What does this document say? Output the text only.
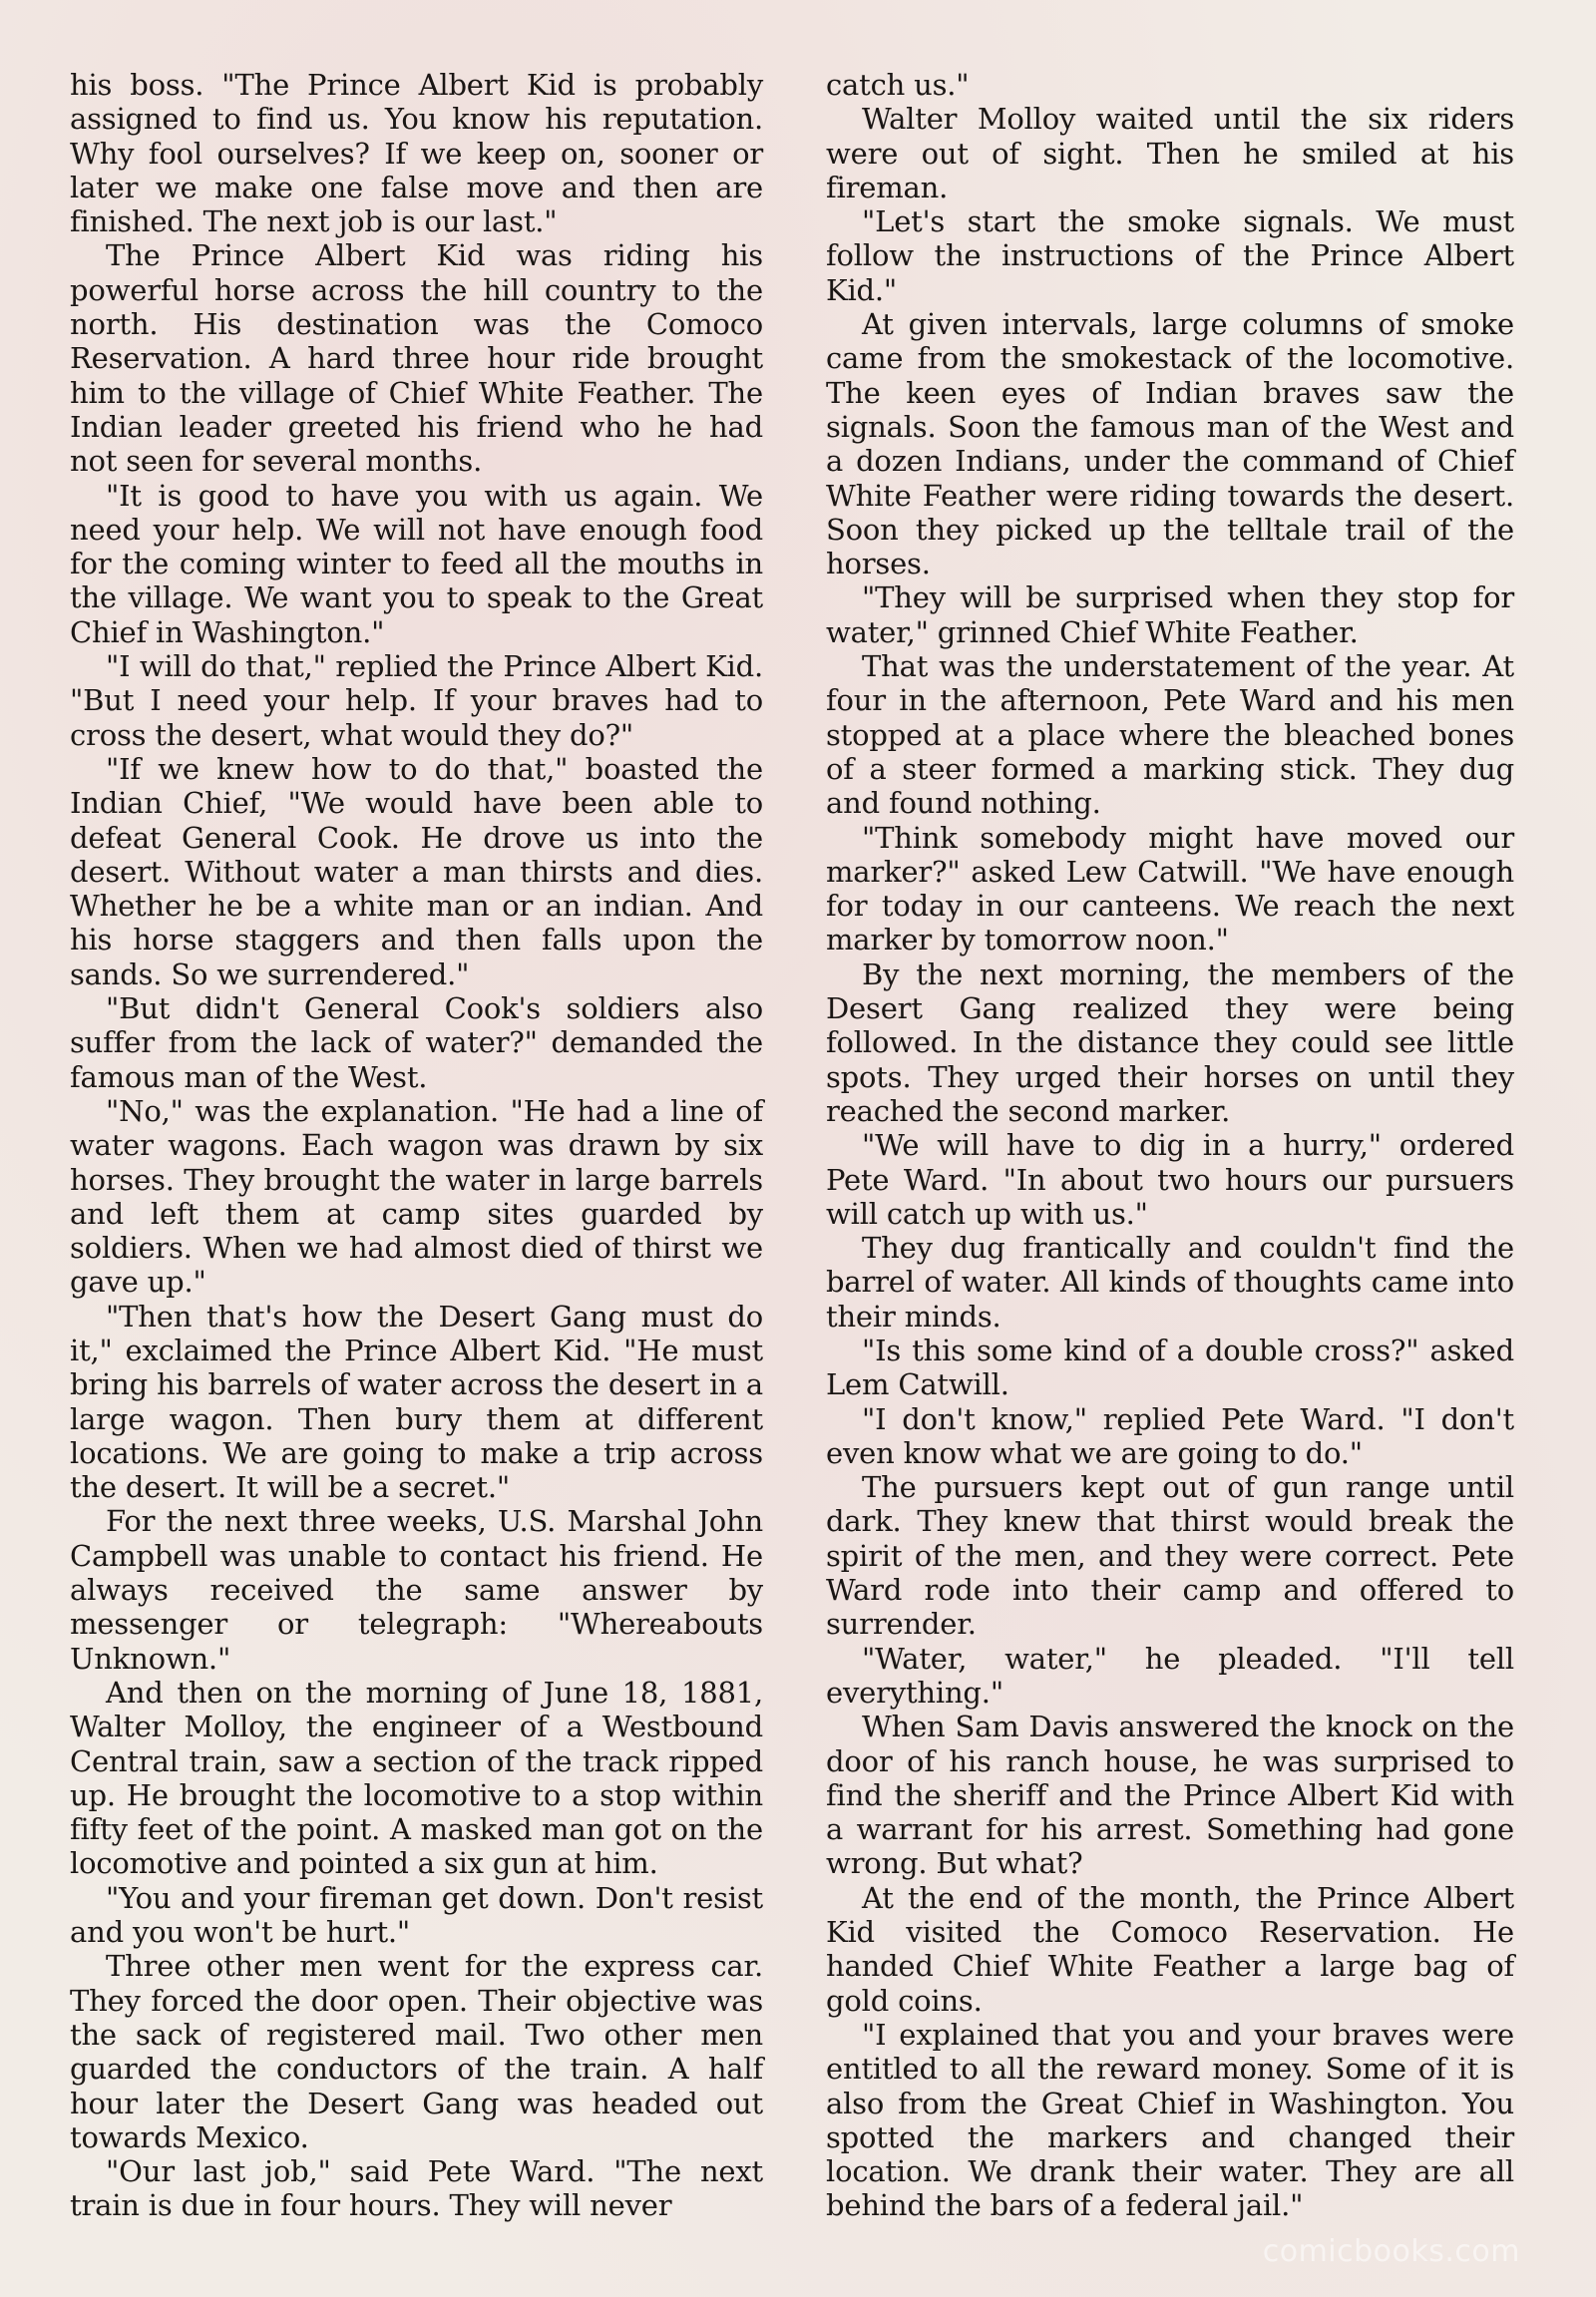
his boss. "The Prince Albert Kid is probably assigned to find us. You know his reputation. Why fool ourselves? If we keep on, sooner or later we make one false move and then are finished. The next job is our last."

The Prince Albert Kid was riding his powerful horse across the hill country to the north. His destination was the Comoco Reservation. A hard three hour ride brought him to the village of Chief White Feather. The Indian leader greeted his friend who he had not seen for several months.

"It is good to have you with us again. We need your help. We will not have enough food for the coming winter to feed all the mouths in the village. We want you to speak to the Great Chief in Washington."

"I will do that," replied the Prince Albert Kid. "But I need your help. If your braves had to cross the desert, what would they do?"

"If we knew how to do that," boasted the Indian Chief, "We would have been able to defeat General Cook. He drove us into the desert. Without water a man thirsts and dies. Whether he be a white man or an indian. And his horse staggers and then falls upon the sands. So we surrendered."

"But didn't General Cook's soldiers also suffer from the lack of water?" demanded the famous man of the West.

"No," was the explanation. "He had a line of water wagons. Each wagon was drawn by six horses. They brought the water in large barrels and left them at camp sites guarded by soldiers. When we had almost died of thirst we gave up."

"Then that's how the Desert Gang must do it," exclaimed the Prince Albert Kid. "He must bring his barrels of water across the desert in a large wagon. Then bury them at different locations. We are going to make a trip across the desert. It will be a secret."

For the next three weeks, U.S. Marshal John Campbell was unable to contact his friend. He always received the same answer by messenger or telegraph: "Whereabouts Unknown."

And then on the morning of June 18, 1881, Walter Molloy, the engineer of a Westbound Central train, saw a section of the track ripped up. He brought the locomotive to a stop within fifty feet of the point. A masked man got on the locomotive and pointed a six gun at him.

"You and your fireman get down. Don't resist and you won't be hurt."

Three other men went for the express car. They forced the door open. Their objective was the sack of registered mail. Two other men guarded the conductors of the train. A half hour later the Desert Gang was headed out towards Mexico.

"Our last job," said Pete Ward. "The next train is due in four hours. They will never

catch us."

Walter Molloy waited until the six riders were out of sight. Then he smiled at his fireman.

"Let's start the smoke signals. We must follow the instructions of the Prince Albert Kid."

At given intervals, large columns of smoke came from the smokestack of the locomotive. The keen eyes of Indian braves saw the signals. Soon the famous man of the West and a dozen Indians, under the command of Chief White Feather were riding towards the desert. Soon they picked up the telltale trail of the horses.

"They will be surprised when they stop for water," grinned Chief White Feather.

That was the understatement of the year. At four in the afternoon, Pete Ward and his men stopped at a place where the bleached bones of a steer formed a marking stick. They dug and found nothing.

"Think somebody might have moved our marker?" asked Lew Catwill. "We have enough for today in our canteens. We reach the next marker by tomorrow noon."

By the next morning, the members of the Desert Gang realized they were being followed. In the distance they could see little spots. They urged their horses on until they reached the second marker.

"We will have to dig in a hurry," ordered Pete Ward. "In about two hours our pursuers will catch up with us."

They dug frantically and couldn't find the barrel of water. All kinds of thoughts came into their minds.

"Is this some kind of a double cross?" asked Lem Catwill.

"I don't know," replied Pete Ward. "I don't even know what we are going to do."

The pursuers kept out of gun range until dark. They knew that thirst would break the spirit of the men, and they were correct. Pete Ward rode into their camp and offered to surrender.

"Water, water," he pleaded. "I'll tell everything."

When Sam Davis answered the knock on the door of his ranch house, he was surprised to find the sheriff and the Prince Albert Kid with a warrant for his arrest. Something had gone wrong. But what?

At the end of the month, the Prince Albert Kid visited the Comoco Reservation. He handed Chief White Feather a large bag of gold coins.

"I explained that you and your braves were entitled to all the reward money. Some of it is also from the Great Chief in Washington. You spotted the markers and changed their location. We drank their water. They are all behind the bars of a federal jail."

comicbooks.com
